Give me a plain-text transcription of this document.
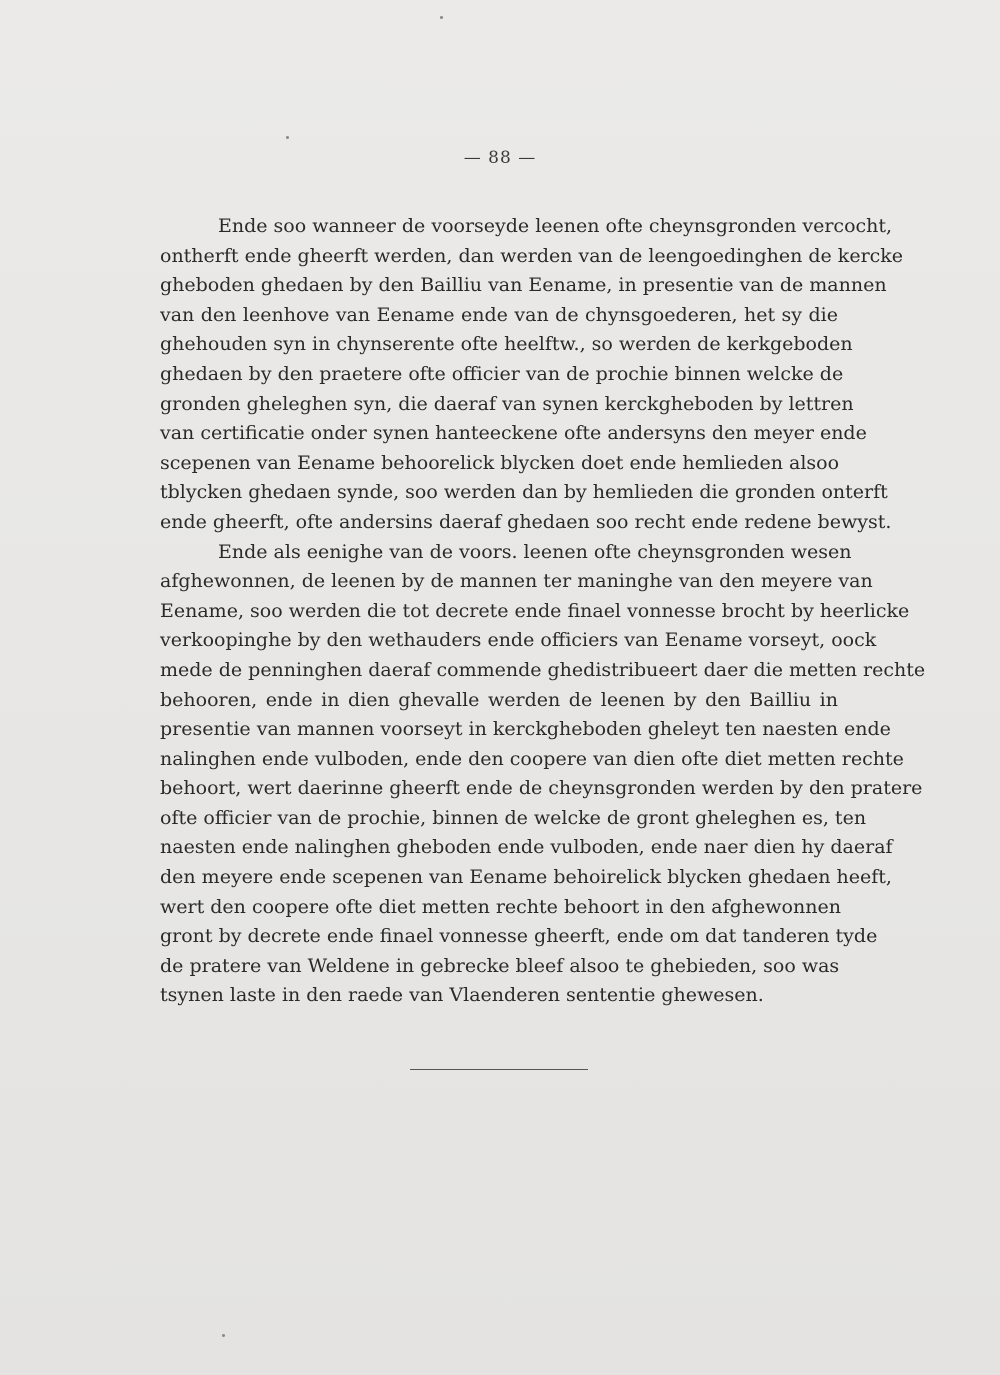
— 88 —
Ende soo wanneer de voorseyde leenen ofte cheynsgronden vercocht,
ontherft ende gheerft werden, dan werden van de leengoedinghen de kercke
gheboden ghedaen by den Bailliu van Eename, in presentie van de mannen
van den leenhove van Eename ende van de chynsgoederen, het sy die
ghehouden syn in chynserente ofte heelftw., so werden de kerkgeboden
ghedaen by den praetere ofte officier van de prochie binnen welcke de
gronden gheleghen syn, die daeraf van synen kerckgheboden by lettren
van certificatie onder synen hanteeckene ofte andersyns den meyer ende
scepenen van Eename behoorelick blycken doet ende hemlieden alsoo
tblycken ghedaen synde, soo werden dan by hemlieden die gronden onterft
ende gheerft, ofte andersins daeraf ghedaen soo recht ende redene bewyst.
Ende als eenighe van de voors. leenen ofte cheynsgronden wesen
afghewonnen, de leenen by de mannen ter maninghe van den meyere van
Eename, soo werden die tot decrete ende finael vonnesse brocht by heerlicke
verkoopinghe by den wethauders ende officiers van Eename vorseyt, oock
mede de penninghen daeraf commende ghedistribueert daer die metten rechte
behooren, ende in dien ghevalle werden de leenen by den Bailliu in
presentie van mannen voorseyt in kerckgheboden gheleyt ten naesten ende
nalinghen ende vulboden, ende den coopere van dien ofte diet metten rechte
behoort, wert daerinne gheerft ende de cheynsgronden werden by den pratere
ofte officier van de prochie, binnen de welcke de gront gheleghen es, ten
naesten ende nalinghen gheboden ende vulboden, ende naer dien hy daeraf
den meyere ende scepenen van Eename behoirelick blycken ghedaen heeft,
wert den coopere ofte diet metten rechte behoort in den afghewonnen
gront by decrete ende finael vonnesse gheerft, ende om dat tanderen tyde
de pratere van Weldene in gebrecke bleef alsoo te ghebieden, soo was
tsynen laste in den raede van Vlaenderen sententie ghewesen.
